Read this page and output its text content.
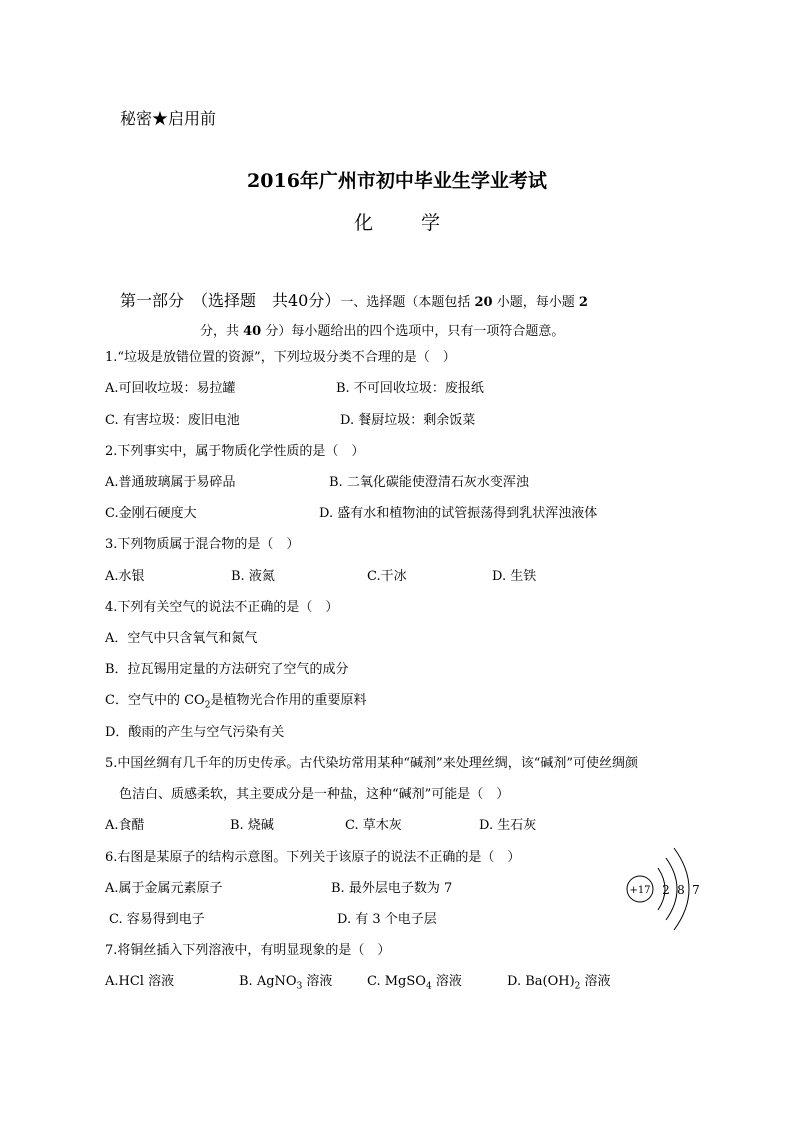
秘密★启用前
2016年广州市初中毕业生学业考试
化	学
第一部分　（选择题　共40分）一、选择题（本题包括 20 小题，每小题 2
分，共 40 分）每小题给出的四个选项中，只有一项符合题意。
1.“垃圾是放错位置的资源”，下列垃圾分类不合理的是（　）
A.可回收垃圾：易拉罐	B. 不可回收垃圾：废报纸
C. 有害垃圾：废旧电池	D. 餐厨垃圾：剩余饭菜
2.下列事实中，属于物质化学性质的是（　）
A.普通玻璃属于易碎品	B. 二氧化碳能使澄清石灰水变浑浊
C.金刚石硬度大	D. 盛有水和植物油的试管振荡得到乳状浑浊液体
3.下列物质属于混合物的是（　）
A.水银	B. 液氮	C.干冰	D. 生铁
4.下列有关空气的说法不正确的是（　）
A．空气中只含氧气和氮气
B．拉瓦锡用定量的方法研究了空气的成分
C．空气中的 $CO_2$是植物光合作用的重要原料
D．酸雨的产生与空气污染有关
5.中国丝绸有几千年的历史传承。古代染坊常用某种“碱剂”来处理丝绸，该“碱剂”可使丝绸颜
色洁白、质感柔软，其主要成分是一种盐，这种“碱剂”可能是（　）
A.食醋	B. 烧碱	C. 草木灰	D. 生石灰
6.右图是某原子的结构示意图。下列关于该原子的说法不正确的是（　）
A.属于金属元素原子	B. 最外层电子数为 7
C. 容易得到电子	D. 有 3 个电子层
+17 2 8 7
7.将铜丝插入下列溶液中，有明显现象的是（　）
A.HCl 溶液	B. AgNO$_3$ 溶液	C. MgSO$_4$ 溶液	D. $Ba(OH)_2$ 溶液
